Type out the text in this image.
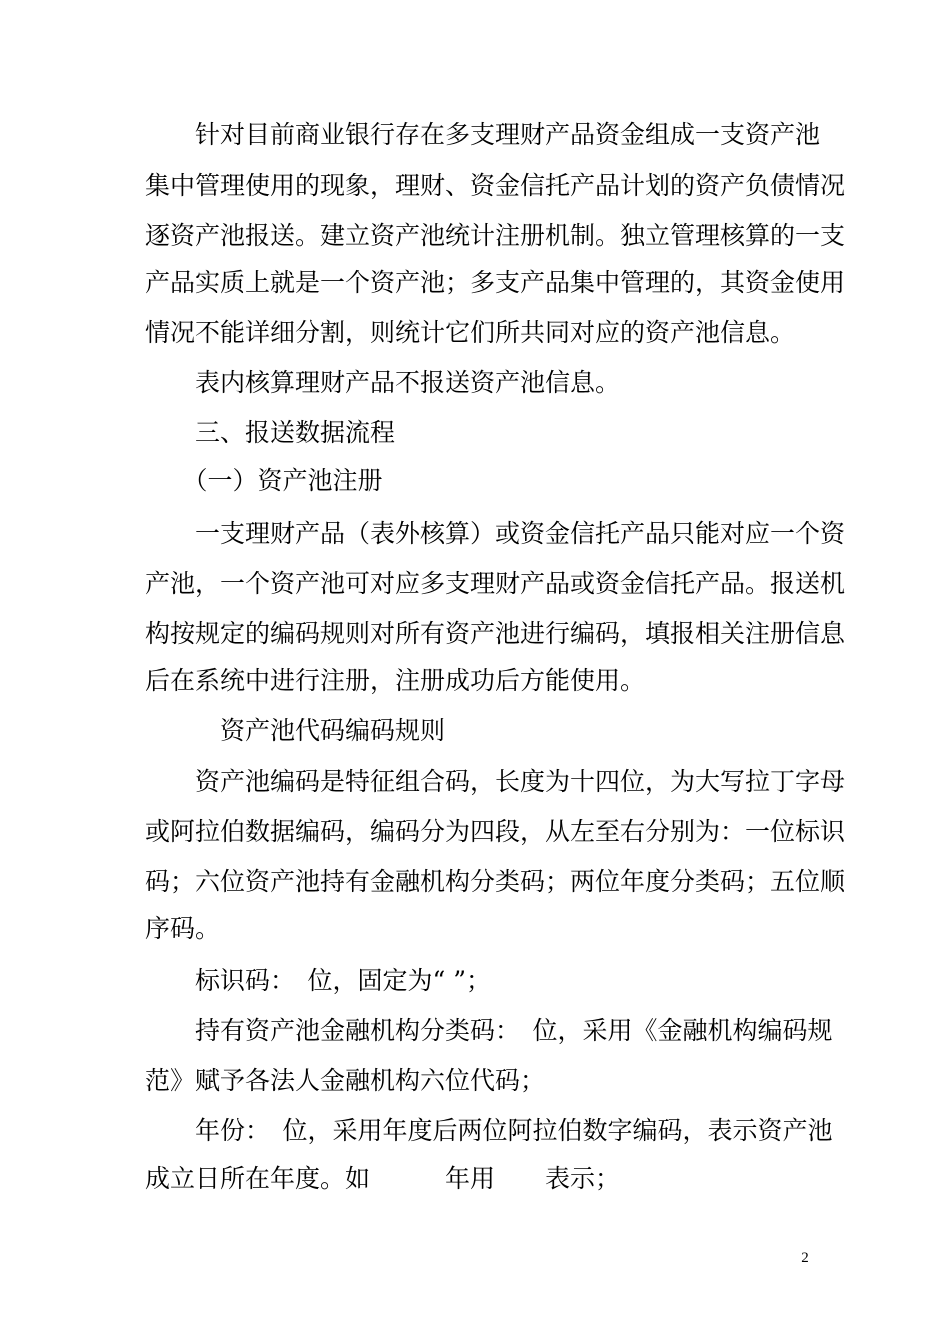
　　针对目前商业银行存在多支理财产品资金组成一支资产池
集中管理使用的现象，理财、资金信托产品计划的资产负债情况
逐资产池报送。建立资产池统计注册机制。独立管理核算的一支
产品实质上就是一个资产池；多支产品集中管理的，其资金使用
情况不能详细分割，则统计它们所共同对应的资产池信息。
　　表内核算理财产品不报送资产池信息。
　　三、报送数据流程
　　（一）资产池注册
　　一支理财产品（表外核算）或资金信托产品只能对应一个资
产池，一个资产池可对应多支理财产品或资金信托产品。报送机
构按规定的编码规则对所有资产池进行编码，填报相关注册信息
后在系统中进行注册，注册成功后方能使用。
　　　资产池代码编码规则
　　资产池编码是特征组合码，长度为十四位，为大写拉丁字母
或阿拉伯数据编码，编码分为四段，从左至右分别为：一位标识
码；六位资产池持有金融机构分类码；两位年度分类码；五位顺
序码。
　　标识码：　位，固定为“ ”；
　　持有资产池金融机构分类码：　位，采用《金融机构编码规
范》赋予各法人金融机构六位代码；
　　年份：　位，采用年度后两位阿拉伯数字编码，表示资产池
成立日所在年度。如　　　年用　　表示；
2
